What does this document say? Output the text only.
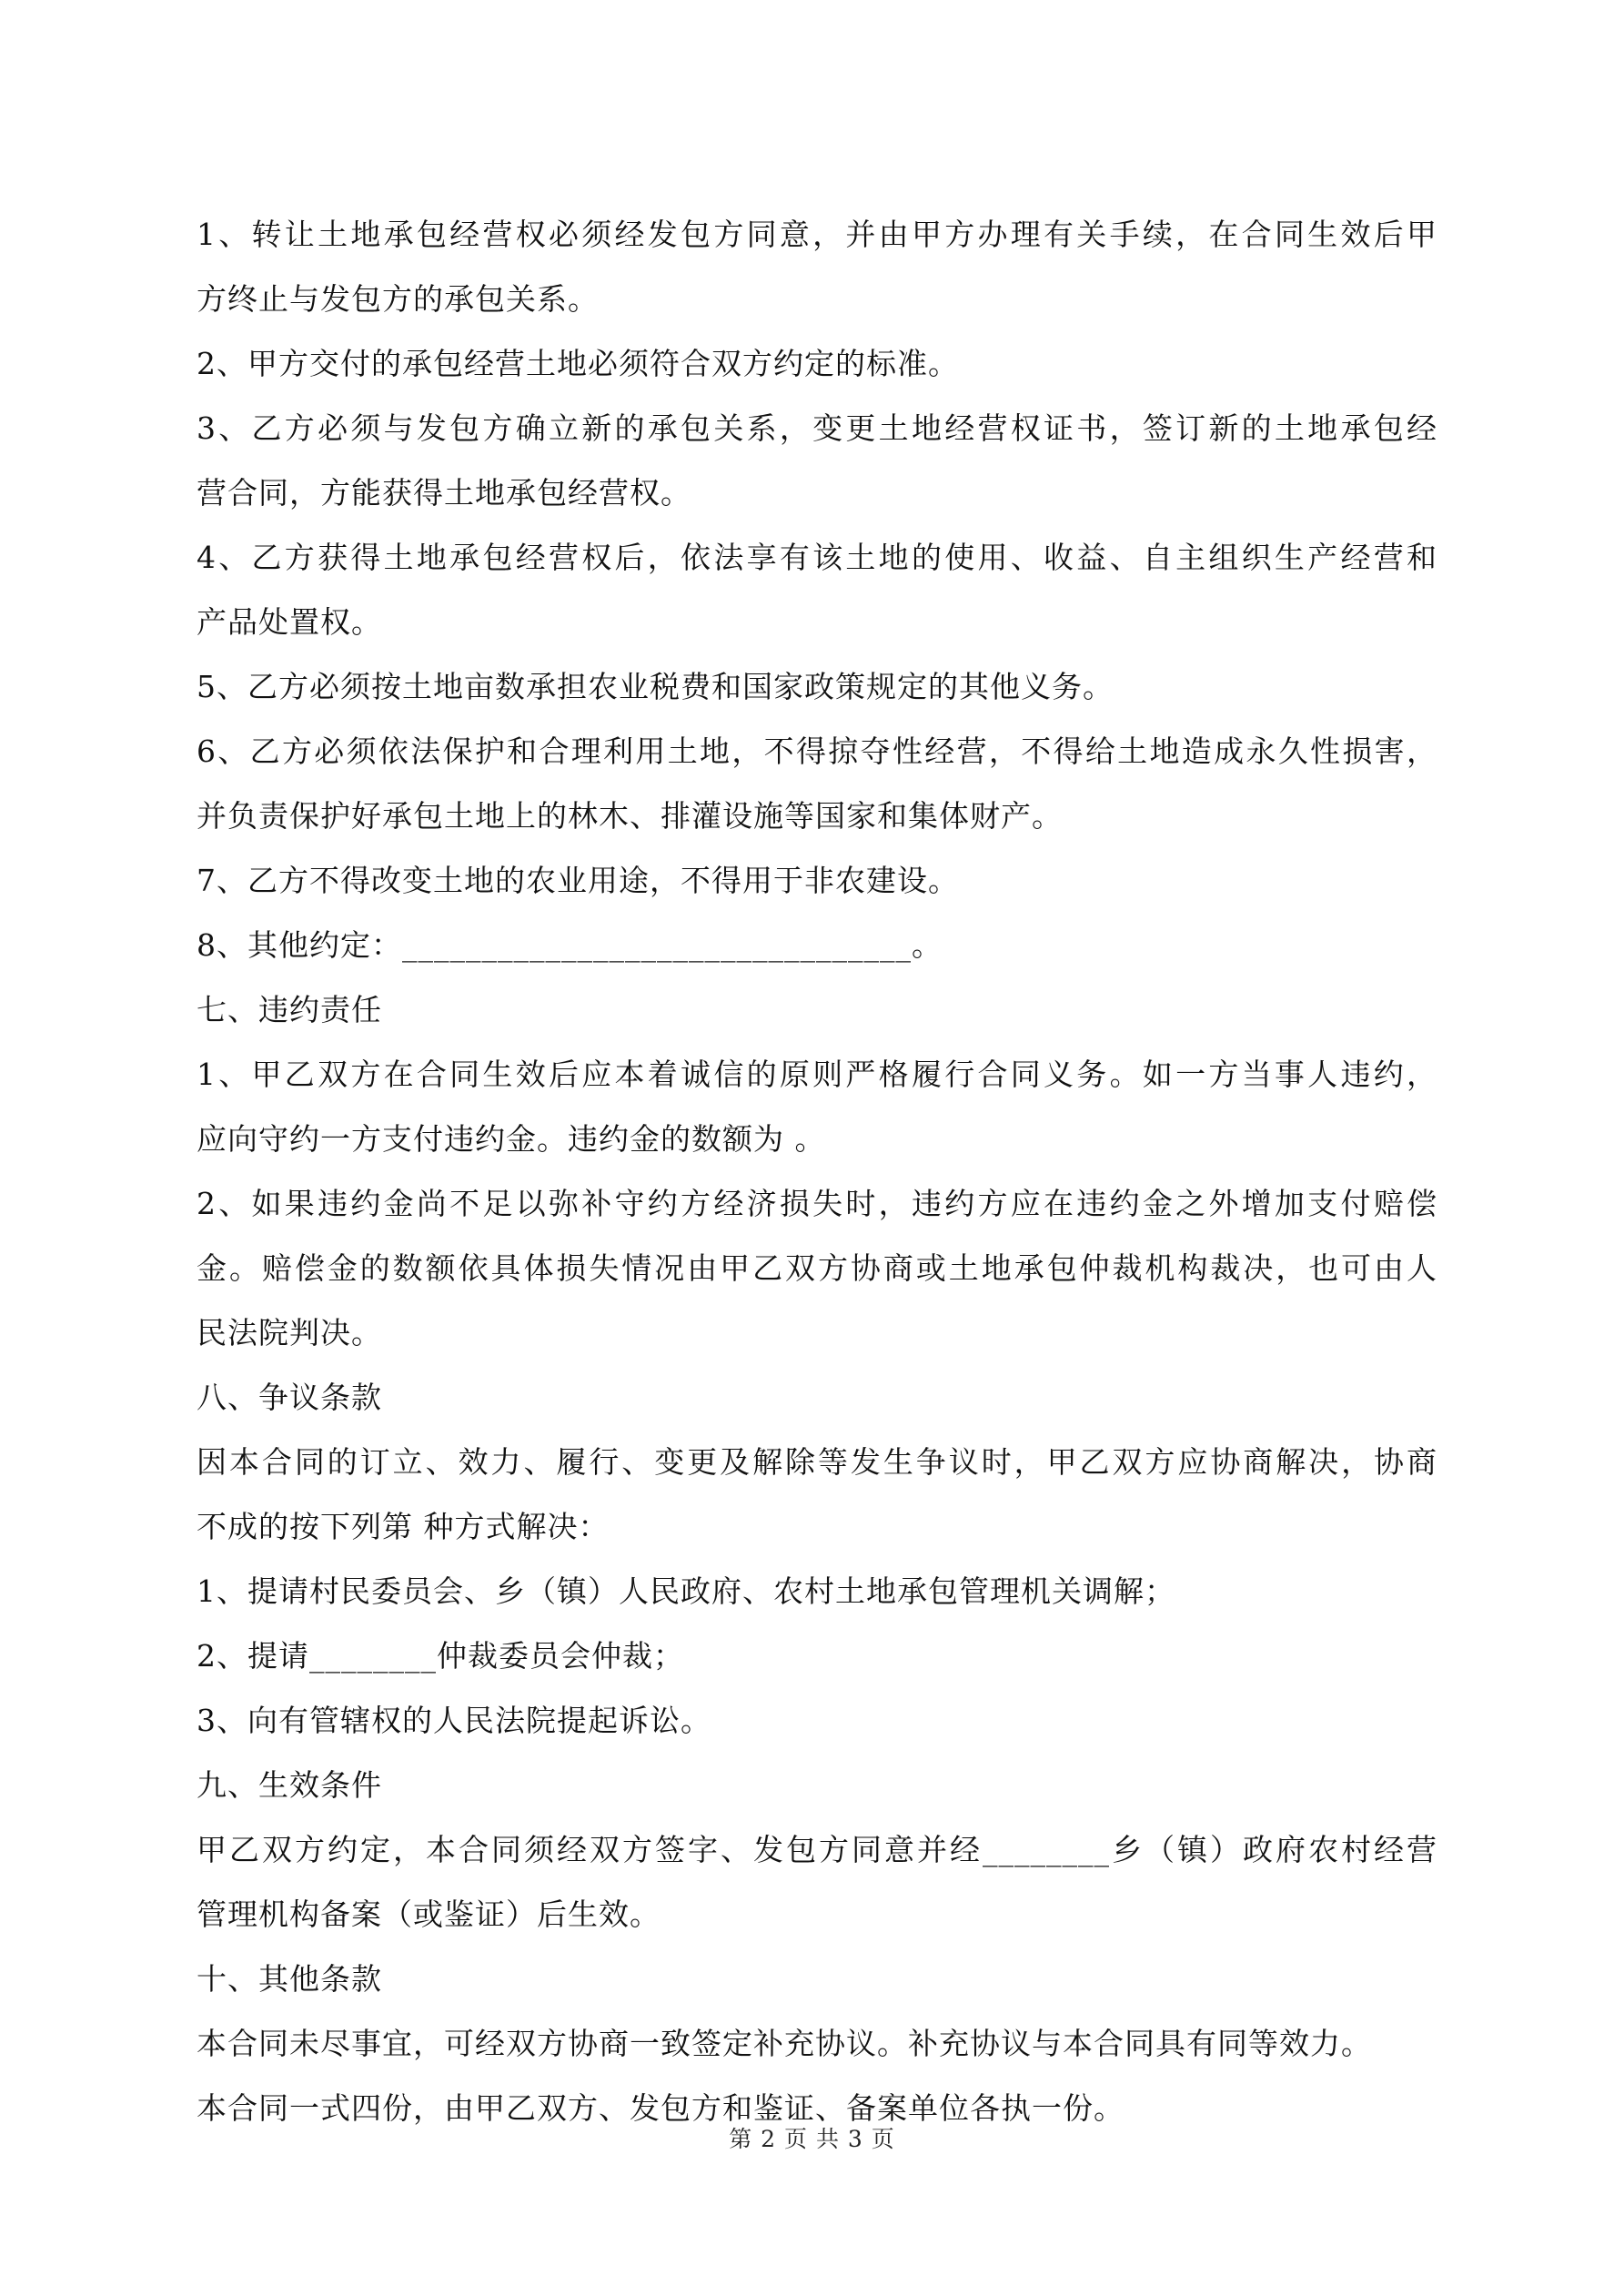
1、转让土地承包经营权必须经发包方同意，并由甲方办理有关手续，在合同生效后甲
方终止与发包方的承包关系。
2、甲方交付的承包经营土地必须符合双方约定的标准。
3、乙方必须与发包方确立新的承包关系，变更土地经营权证书，签订新的土地承包经
营合同，方能获得土地承包经营权。
4、乙方获得土地承包经营权后，依法享有该土地的使用、收益、自主组织生产经营和
产品处置权。
5、乙方必须按土地亩数承担农业税费和国家政策规定的其他义务。
6、乙方必须依法保护和合理利用土地，不得掠夺性经营，不得给土地造成永久性损害，
并负责保护好承包土地上的林木、排灌设施等国家和集体财产。
7、乙方不得改变土地的农业用途，不得用于非农建设。
8、其他约定：________________________________。
七、违约责任
1、甲乙双方在合同生效后应本着诚信的原则严格履行合同义务。如一方当事人违约，
应向守约一方支付违约金。违约金的数额为 。
2、如果违约金尚不足以弥补守约方经济损失时，违约方应在违约金之外增加支付赔偿
金。赔偿金的数额依具体损失情况由甲乙双方协商或土地承包仲裁机构裁决，也可由人
民法院判决。
八、争议条款
因本合同的订立、效力、履行、变更及解除等发生争议时，甲乙双方应协商解决，协商
不成的按下列第 种方式解决：
1、提请村民委员会、乡（镇）人民政府、农村土地承包管理机关调解；
2、提请________仲裁委员会仲裁；
3、向有管辖权的人民法院提起诉讼。
九、生效条件
甲乙双方约定，本合同须经双方签字、发包方同意并经________乡（镇）政府农村经营
管理机构备案（或鉴证）后生效。
十、其他条款
本合同未尽事宜，可经双方协商一致签定补充协议。补充协议与本合同具有同等效力。
本合同一式四份，由甲乙双方、发包方和鉴证、备案单位各执一份。
第 2 页 共 3 页
